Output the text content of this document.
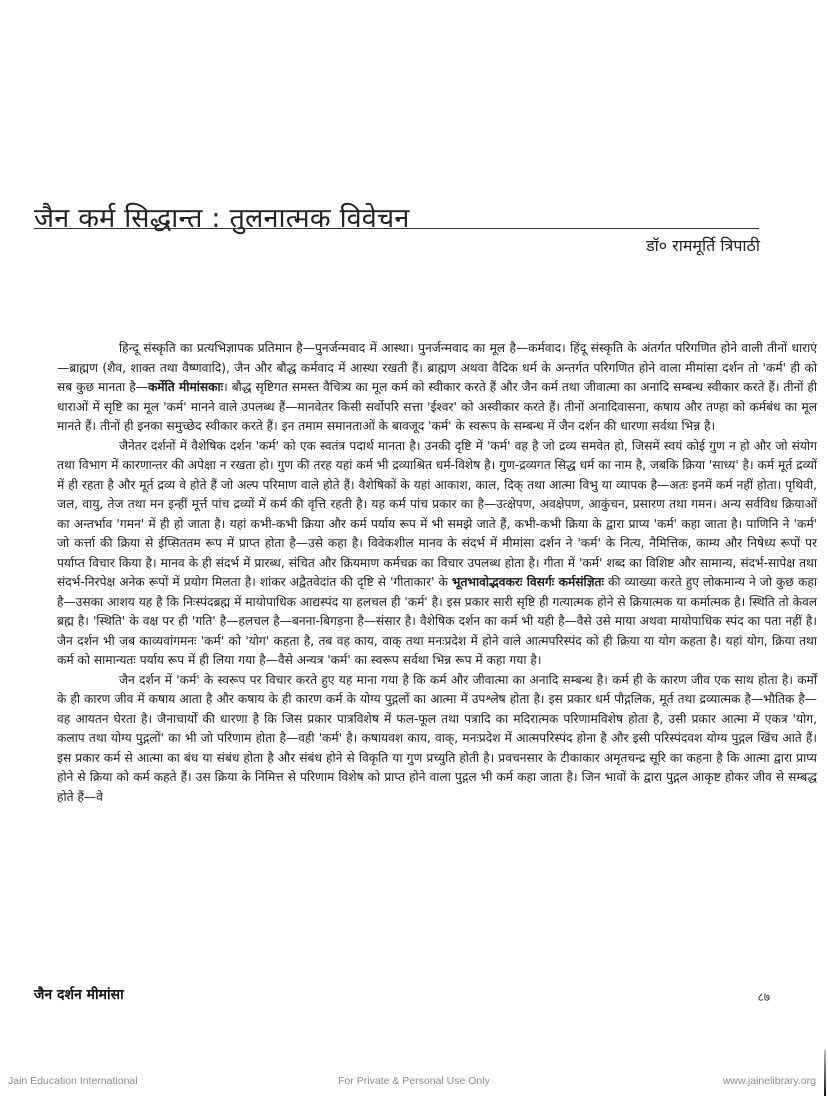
जैन कर्म सिद्धान्त : तुलनात्मक विवेचन
डॉ० राममूर्ति त्रिपाठी

हिन्दू संस्कृति का प्रत्यभिज्ञापक प्रतिमान है—पुनर्जन्मवाद में आस्था। पुनर्जन्मवाद का मूल है—कर्मवाद। हिंदू संस्कृति के अंतर्गत परिगणित होने वाली तीनों धाराएं—ब्राह्मण (शैव, शाक्त तथा वैष्णवादि), जैन और बौद्ध कर्मवाद में आस्था रखती हैं। ब्राह्मण अथवा वैदिक धर्म के अन्तर्गत परिगणित होने वाला मीमांसा दर्शन तो 'कर्म' ही को सब कुछ मानता है—कर्मेति मीमांसकाः। बौद्ध सृष्टिगत समस्त वैचित्र्य का मूल कर्म को स्वीकार करते हैं और जैन कर्म तथा जीवात्मा का अनादि सम्बन्ध स्वीकार करते हैं। तीनों ही धाराओं में सृष्टि का मूल 'कर्म' मानने वाले उपलब्ध हैं—मानवेतर किसी सर्वोपरि सत्ता 'ईश्वर' को अस्वीकार करते हैं। तीनों अनादिवासना, कषाय और तण्हा को कर्मबंध का मूल मानते हैं। तीनों ही इनका समुच्छेद स्वीकार करते हैं। इन तमाम समानताओं के बावजूद 'कर्म' के स्वरूप के सम्बन्ध में जैन दर्शन की धारणा सर्वथा भिन्न है।

जैनेतर दर्शनों में वैशेषिक दर्शन 'कर्म' को एक स्वतंत्र पदार्थ मानता है। उनकी दृष्टि में 'कर्म' वह है जो द्रव्य समवेत हो, जिसमें स्वयं कोई गुण न हो और जो संयोग तथा विभाग में कारणान्तर की अपेक्षा न रखता हो। गुण की तरह यहां कर्म भी द्रव्याश्रित धर्म-विशेष है। गुण-द्रव्यगत सिद्ध धर्म का नाम है, जबकि क्रिया 'साध्य' है। कर्म मूर्त द्रव्यों में ही रहता है और मूर्त द्रव्य वे होते हैं जो अल्प परिमाण वाले होते हैं। वैशेषिकों के यहां आकाश, काल, दिक् तथा आत्मा विभु या व्यापक है—अतः इनमें कर्म नहीं होता। पृथिवी, जल, वायु, तेज तथा मन इन्हीं मूर्त्त पांच द्रव्यों में कर्म की वृत्ति रहती है। यह कर्म पांच प्रकार का है—उत्क्षेपण, अवक्षेपण, आकुंचन, प्रसारण तथा गमन। अन्य सर्वविध क्रियाओं का अन्तर्भाव 'गमन' में ही हो जाता है। यहां कभी-कभी क्रिया और कर्म पर्याय रूप में भी समझे जाते हैं, कभी-कभी क्रिया के द्वारा प्राप्य 'कर्म' कहा जाता है। पाणिनि ने 'कर्म' जो कर्त्ता की क्रिया से ईप्सिततम रूप में प्राप्त होता है—उसे कहा है। विवेकशील मानव के संदर्भ में मीमांसा दर्शन ने 'कर्म' के नित्य, नैमित्तिक, काम्य और निषेध्य रूपों पर पर्याप्त विचार किया है। मानव के ही संदर्भ में प्रारब्ध, संचित और क्रियमाण कर्मचक्र का विचार उपलब्ध होता है। गीता में 'कर्म' शब्द का विशिष्ट और सामान्य, संदर्भ-सापेक्ष तथा संदर्भ-निरपेक्ष अनेक रूपों में प्रयोग मिलता है। शांकर अद्वैतवेदांत की दृष्टि से 'गीताकार' के भूतभावोद्भवकरः विसर्गः कर्मसंज्ञितः की व्याख्या करते हुए लोकमान्य ने जो कुछ कहा है—उसका आशय यह है कि निःस्पंदब्रह्म में मायोपाधिक आद्यस्पंद या हलचल ही 'कर्म' है। इस प्रकार सारी सृष्टि ही गत्यात्मक होने से क्रियात्मक या कर्मात्मक है। स्थिति तो केवल ब्रह्म है। 'स्थिति' के वक्ष पर ही 'गति' है—हलचल है—बनना-बिगड़ना है—संसार है। वैशेषिक दर्शन का कर्म भी यही है—वैसे उसे माया अथवा मायोपाधिक स्पंद का पता नहीं है। जैन दर्शन भी जब काव्यवांगमनः 'कर्म' को 'योग' कहता है, तब वह काय, वाक् तथा मनःप्रदेश में होने वाले आत्मपरिस्पंद को ही क्रिया या योग कहता है। यहां योग, क्रिया तथा कर्म को सामान्यतः पर्याय रूप में ही लिया गया है—वैसे अन्यत्र 'कर्म' का स्वरूप सर्वथा भिन्न रूप में कहा गया है।

जैन दर्शन में 'कर्म' के स्वरूप पर विचार करते हुए यह माना गया है कि कर्म और जीवात्मा का अनादि सम्बन्ध है। कर्म ही के कारण जीव एक साथ होता है। कर्मों के ही कारण जीव में कषाय आता है और कषाय के ही कारण कर्म के योग्य पुद्गलों का आत्मा में उपश्लेष होता है। इस प्रकार धर्म पौद्गलिक, मूर्त तथा द्रव्यात्मक है—भौतिक है—वह आयतन घेरता है। जैनाचार्यों की धारणा है कि जिस प्रकार पात्रविशेष में फल-फूल तथा पत्रादि का मदिरात्मक परिणामविशेष होता है, उसी प्रकार आत्मा में एकत्र 'योग, कलाप तथा योग्य पुद्गलों' का भी जो परिणाम होता है—वही 'कर्म' है। कषायवश काय, वाक्, मनःप्रदेश में आत्मपरिस्पंद होना है और इसी परिस्पंदवश योग्य पुद्गल खिंच आते हैं। इस प्रकार कर्म से आत्मा का बंध या संबंध होता है और संबंध होने से विकृति या गुण प्रच्युति होती है। प्रवचनसार के टीकाकार अमृतचन्द्र सूरि का कहना है कि आत्मा द्वारा प्राप्य होने से क्रिया को कर्म कहते हैं। उस क्रिया के निमित्त से परिणाम विशेष को प्राप्त होने वाला पुद्गल भी कर्म कहा जाता है। जिन भावों के द्वारा पुद्गल आकृष्ट होकर जीव से सम्बद्ध होते हैं—वे

जैन दर्शन मीमांसा	८७
Jain Education International	For Private & Personal Use Only	www.jainelibrary.org
